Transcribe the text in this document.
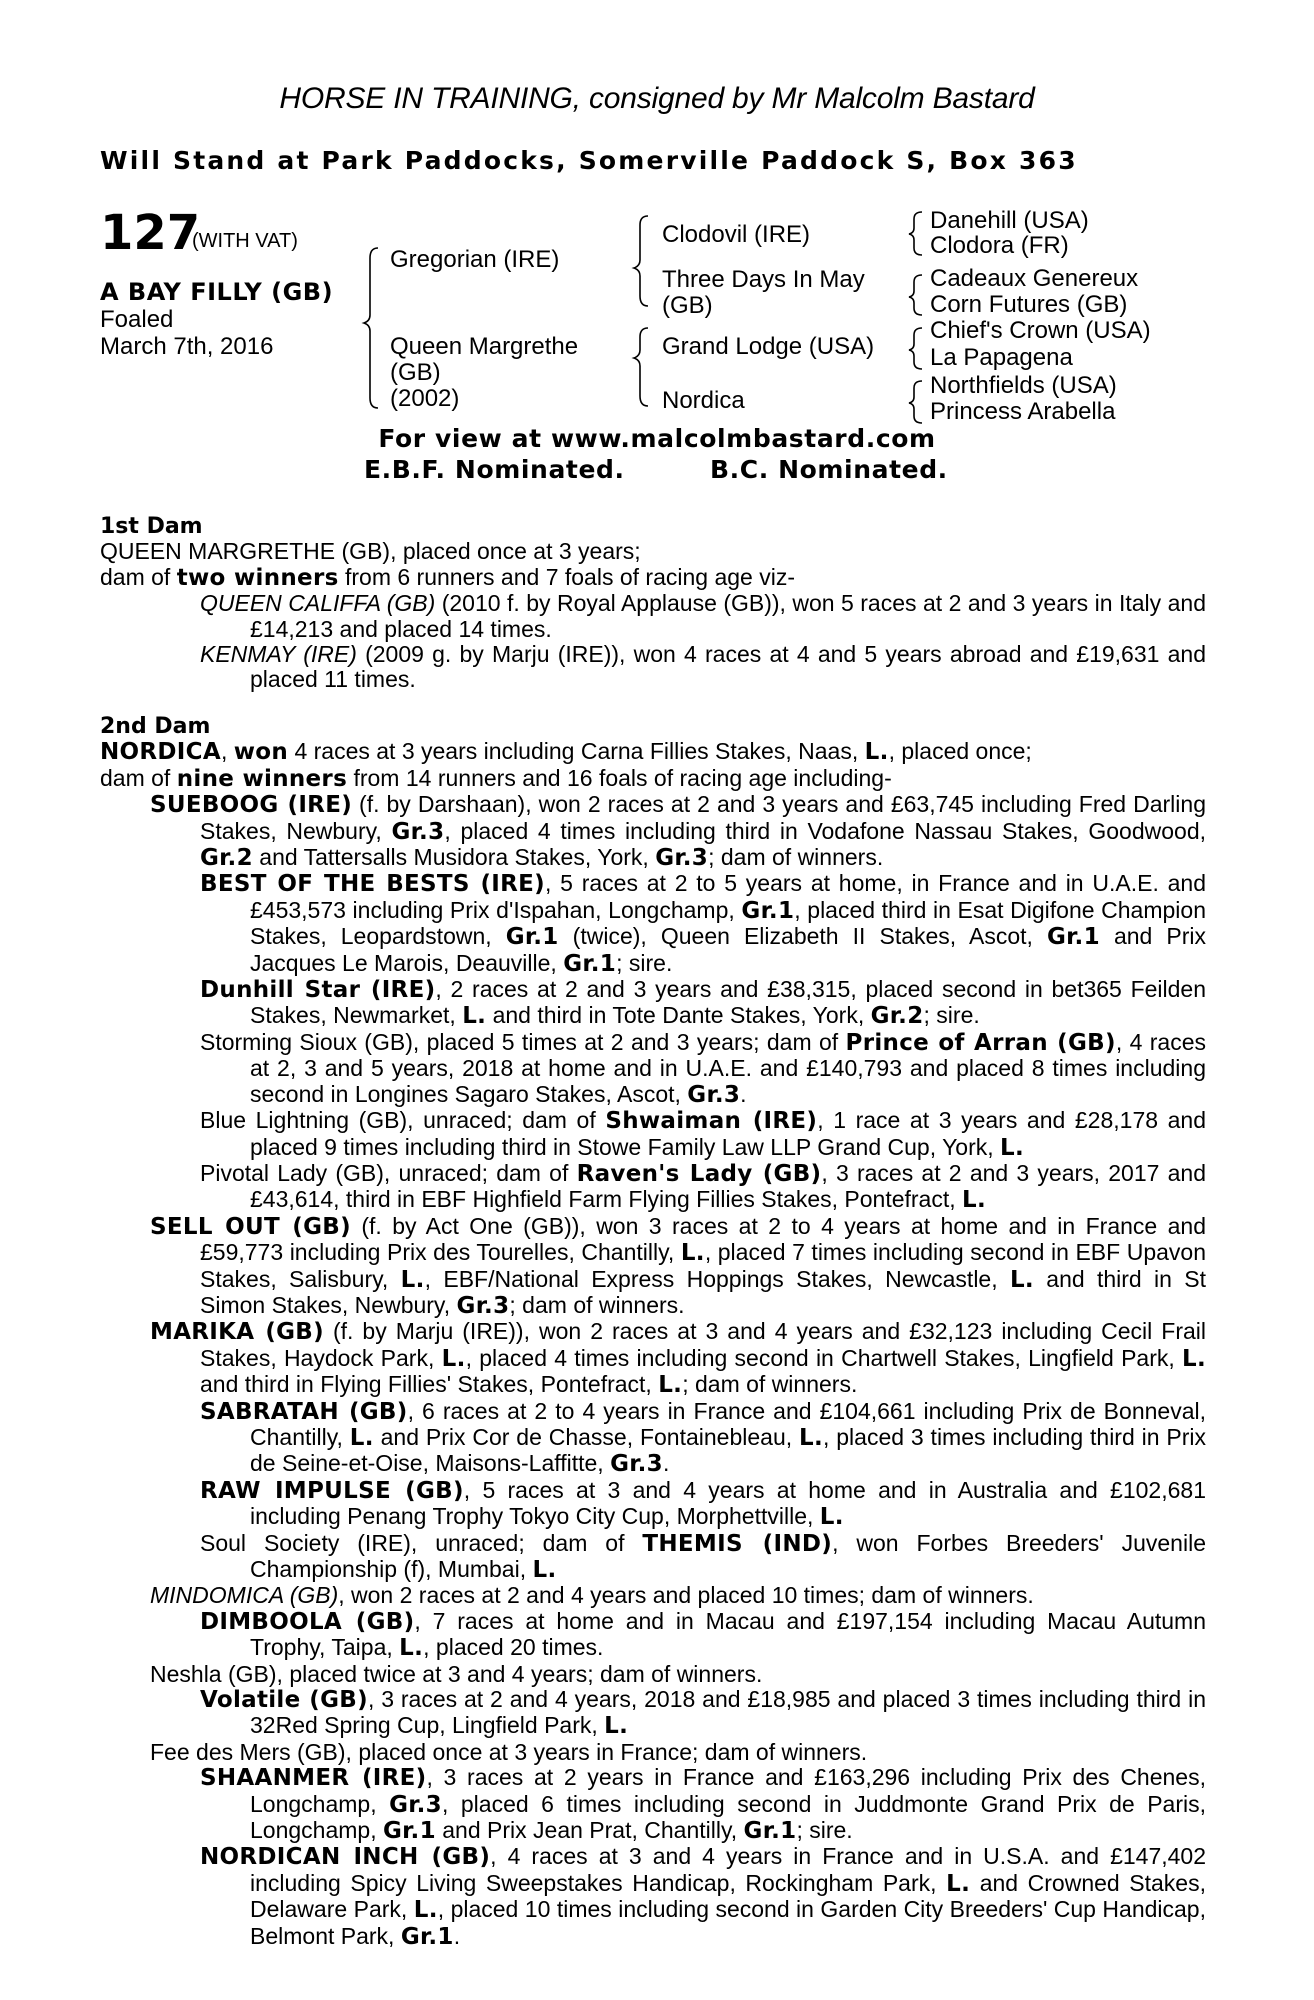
HORSE IN TRAINING, consigned by Mr Malcolm Bastard
Will Stand at Park Paddocks, Somerville Paddock S, Box 363
127
(WITH VAT)
A BAY FILLY (GB)
Foaled
March 7th, 2016
Gregorian (IRE)
Queen Margrethe
(GB)
(2002)
Clodovil (IRE)
Three Days In May
(GB)
Grand Lodge (USA)
Nordica
Danehill (USA)
Clodora (FR)
Cadeaux Genereux
Corn Futures (GB)
Chief's Crown (USA)
La Papagena
Northfields (USA)
Princess Arabella
For view at www.malcolmbastard.com
E.B.F. Nominated.	B.C. Nominated.

1st Dam

QUEEN MARGRETHE (GB), placed once at 3 years;

dam of two winners from 6 runners and 7 foals of racing age viz-

QUEEN CALIFFA (GB) (2010 f. by Royal Applause (GB)), won 5 races at 2 and 3 years in Italy and £14,213 and placed 14 times.

KENMAY (IRE) (2009 g. by Marju (IRE)), won 4 races at 4 and 5 years abroad and £19,631 and placed 11 times.

2nd Dam

NORDICA, won 4 races at 3 years including Carna Fillies Stakes, Naas, L., placed once;

dam of nine winners from 14 runners and 16 foals of racing age including-

SUEBOOG (IRE) (f. by Darshaan), won 2 races at 2 and 3 years and £63,745 including Fred Darling Stakes, Newbury, Gr.3, placed 4 times including third in Vodafone Nassau Stakes, Goodwood, Gr.2 and Tattersalls Musidora Stakes, York, Gr.3; dam of winners.

BEST OF THE BESTS (IRE), 5 races at 2 to 5 years at home, in France and in U.A.E. and £453,573 including Prix d'Ispahan, Longchamp, Gr.1, placed third in Esat Digifone Champion Stakes, Leopardstown, Gr.1 (twice), Queen Elizabeth II Stakes, Ascot, Gr.1 and Prix Jacques Le Marois, Deauville, Gr.1; sire.

Dunhill Star (IRE), 2 races at 2 and 3 years and £38,315, placed second in bet365 Feilden Stakes, Newmarket, L. and third in Tote Dante Stakes, York, Gr.2; sire.

Storming Sioux (GB), placed 5 times at 2 and 3 years; dam of Prince of Arran (GB), 4 races at 2, 3 and 5 years, 2018 at home and in U.A.E. and £140,793 and placed 8 times including second in Longines Sagaro Stakes, Ascot, Gr.3.

Blue Lightning (GB), unraced; dam of Shwaiman (IRE), 1 race at 3 years and £28,178 and placed 9 times including third in Stowe Family Law LLP Grand Cup, York, L.

Pivotal Lady (GB), unraced; dam of Raven's Lady (GB), 3 races at 2 and 3 years, 2017 and £43,614, third in EBF Highfield Farm Flying Fillies Stakes, Pontefract, L.

SELL OUT (GB) (f. by Act One (GB)), won 3 races at 2 to 4 years at home and in France and £59,773 including Prix des Tourelles, Chantilly, L., placed 7 times including second in EBF Upavon Stakes, Salisbury, L., EBF/National Express Hoppings Stakes, Newcastle, L. and third in St Simon Stakes, Newbury, Gr.3; dam of winners.

MARIKA (GB) (f. by Marju (IRE)), won 2 races at 3 and 4 years and £32,123 including Cecil Frail Stakes, Haydock Park, L., placed 4 times including second in Chartwell Stakes, Lingfield Park, L. and third in Flying Fillies' Stakes, Pontefract, L.; dam of winners.

SABRATAH (GB), 6 races at 2 to 4 years in France and £104,661 including Prix de Bonneval, Chantilly, L. and Prix Cor de Chasse, Fontainebleau, L., placed 3 times including third in Prix de Seine-et-Oise, Maisons-Laffitte, Gr.3.

RAW IMPULSE (GB), 5 races at 3 and 4 years at home and in Australia and £102,681 including Penang Trophy Tokyo City Cup, Morphettville, L.

Soul Society (IRE), unraced; dam of THEMIS (IND), won Forbes Breeders' Juvenile Championship (f), Mumbai, L.

MINDOMICA (GB), won 2 races at 2 and 4 years and placed 10 times; dam of winners.

DIMBOOLA (GB), 7 races at home and in Macau and £197,154 including Macau Autumn Trophy, Taipa, L., placed 20 times.

Neshla (GB), placed twice at 3 and 4 years; dam of winners.

Volatile (GB), 3 races at 2 and 4 years, 2018 and £18,985 and placed 3 times including third in 32Red Spring Cup, Lingfield Park, L.

Fee des Mers (GB), placed once at 3 years in France; dam of winners.

SHAANMER (IRE), 3 races at 2 years in France and £163,296 including Prix des Chenes, Longchamp, Gr.3, placed 6 times including second in Juddmonte Grand Prix de Paris, Longchamp, Gr.1 and Prix Jean Prat, Chantilly, Gr.1; sire.

NORDICAN INCH (GB), 4 races at 3 and 4 years in France and in U.S.A. and £147,402 including Spicy Living Sweepstakes Handicap, Rockingham Park, L. and Crowned Stakes, Delaware Park, L., placed 10 times including second in Garden City Breeders' Cup Handicap, Belmont Park, Gr.1.
